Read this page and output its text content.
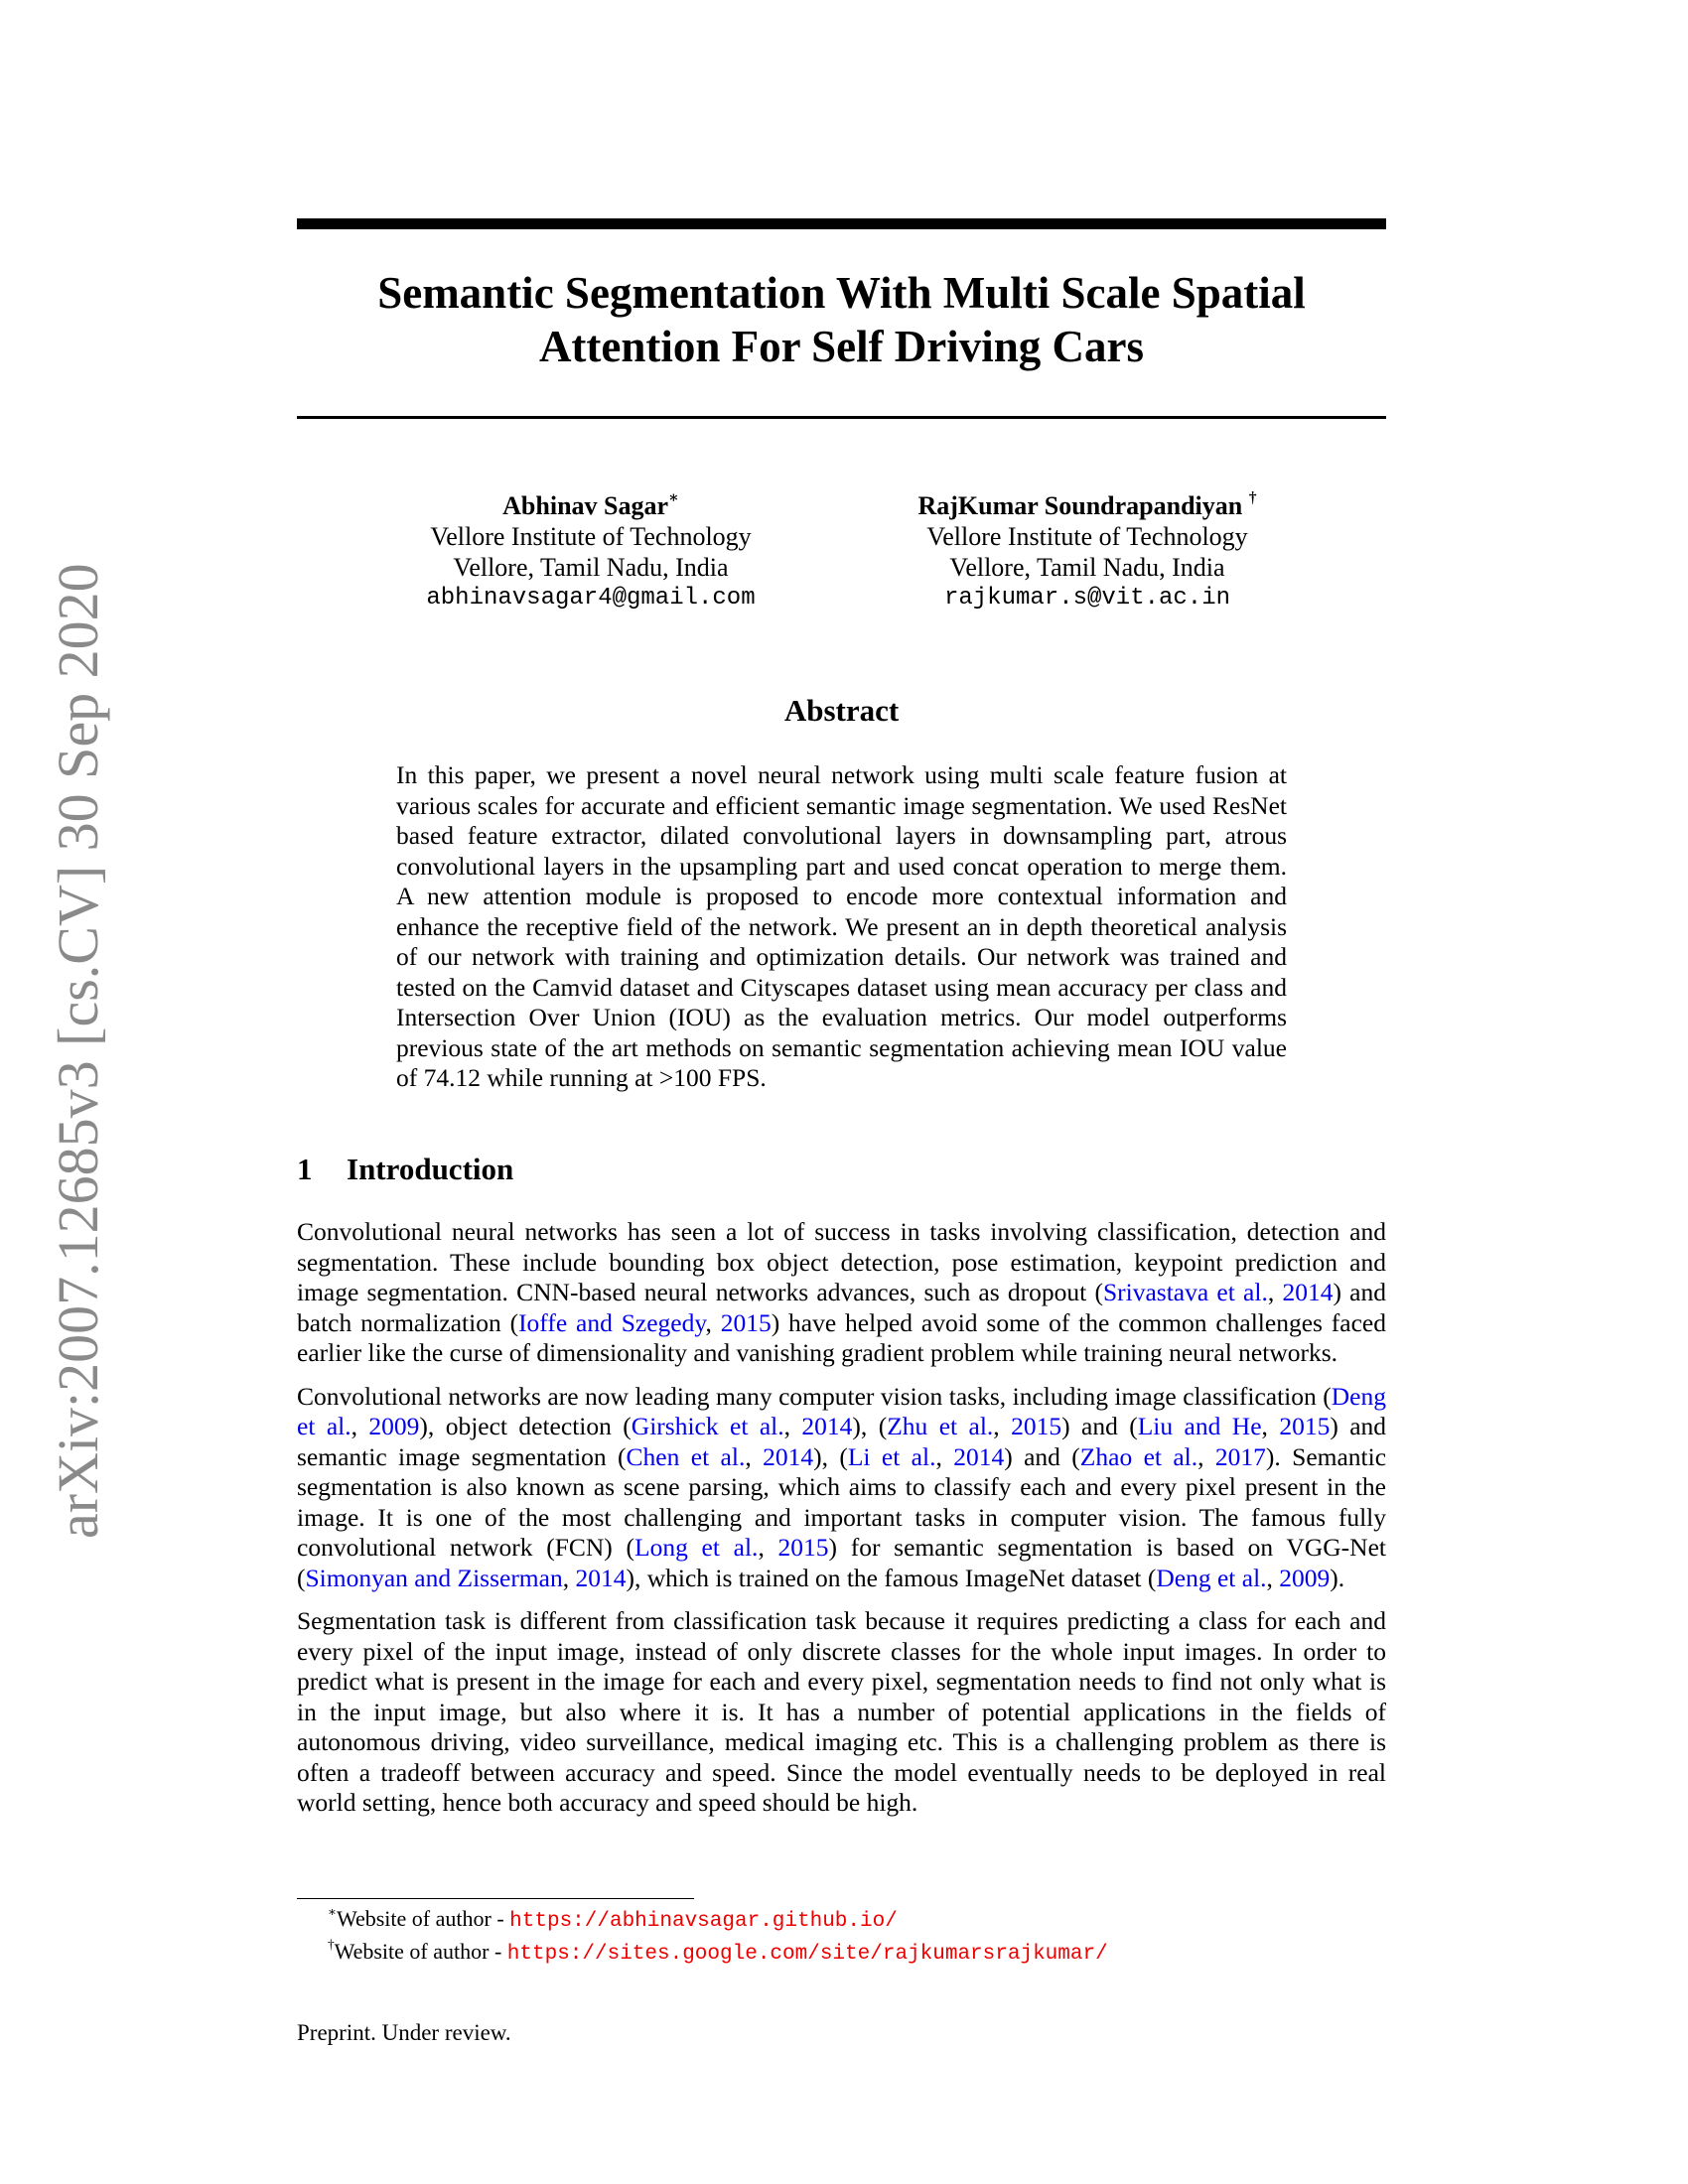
arXiv:2007.12685v3 [cs.CV] 30 Sep 2020
Semantic Segmentation With Multi Scale Spatial
Attention For Self Driving Cars
Abhinav Sagar∗
Vellore Institute of Technology
Vellore, Tamil Nadu, India
abhinavsagar4@gmail.com
RajKumar Soundrapandiyan †
Vellore Institute of Technology
Vellore, Tamil Nadu, India
rajkumar.s@vit.ac.in
Abstract
In this paper, we present a novel neural network using multi scale feature fusion at various scales for accurate and efficient semantic image segmentation. We used ResNet based feature extractor, dilated convolutional layers in downsampling part, atrous convolutional layers in the upsampling part and used concat operation to merge them. A new attention module is proposed to encode more contextual information and enhance the receptive field of the network. We present an in depth theoretical analysis of our network with training and optimization details. Our network was trained and tested on the Camvid dataset and Cityscapes dataset using mean accuracy per class and Intersection Over Union (IOU) as the evaluation metrics. Our model outperforms previous state of the art methods on semantic segmentation achieving mean IOU value of 74.12 while running at >100 FPS.
1 Introduction

Convolutional neural networks has seen a lot of success in tasks involving classification, detection and segmentation. These include bounding box object detection, pose estimation, keypoint prediction and image segmentation. CNN-based neural networks advances, such as dropout (Srivastava et al., 2014) and batch normalization (Ioffe and Szegedy, 2015) have helped avoid some of the common challenges faced earlier like the curse of dimensionality and vanishing gradient problem while training neural networks.

Convolutional networks are now leading many computer vision tasks, including image classification (Deng et al., 2009), object detection (Girshick et al., 2014), (Zhu et al., 2015) and (Liu and He, 2015) and semantic image segmentation (Chen et al., 2014), (Li et al., 2014) and (Zhao et al., 2017). Semantic segmentation is also known as scene parsing, which aims to classify each and every pixel present in the image. It is one of the most challenging and important tasks in computer vision. The famous fully convolutional network (FCN) (Long et al., 2015) for semantic segmentation is based on VGG-Net (Simonyan and Zisserman, 2014), which is trained on the famous ImageNet dataset (Deng et al., 2009).

Segmentation task is different from classification task because it requires predicting a class for each and every pixel of the input image, instead of only discrete classes for the whole input images. In order to predict what is present in the image for each and every pixel, segmentation needs to find not only what is in the input image, but also where it is. It has a number of potential applications in the fields of autonomous driving, video surveillance, medical imaging etc. This is a challenging problem as there is often a tradeoff between accuracy and speed. Since the model eventually needs to be deployed in real world setting, hence both accuracy and speed should be high.

∗Website of author - https://abhinavsagar.github.io/
†Website of author - https://sites.google.com/site/rajkumarsrajkumar/
Preprint. Under review.
